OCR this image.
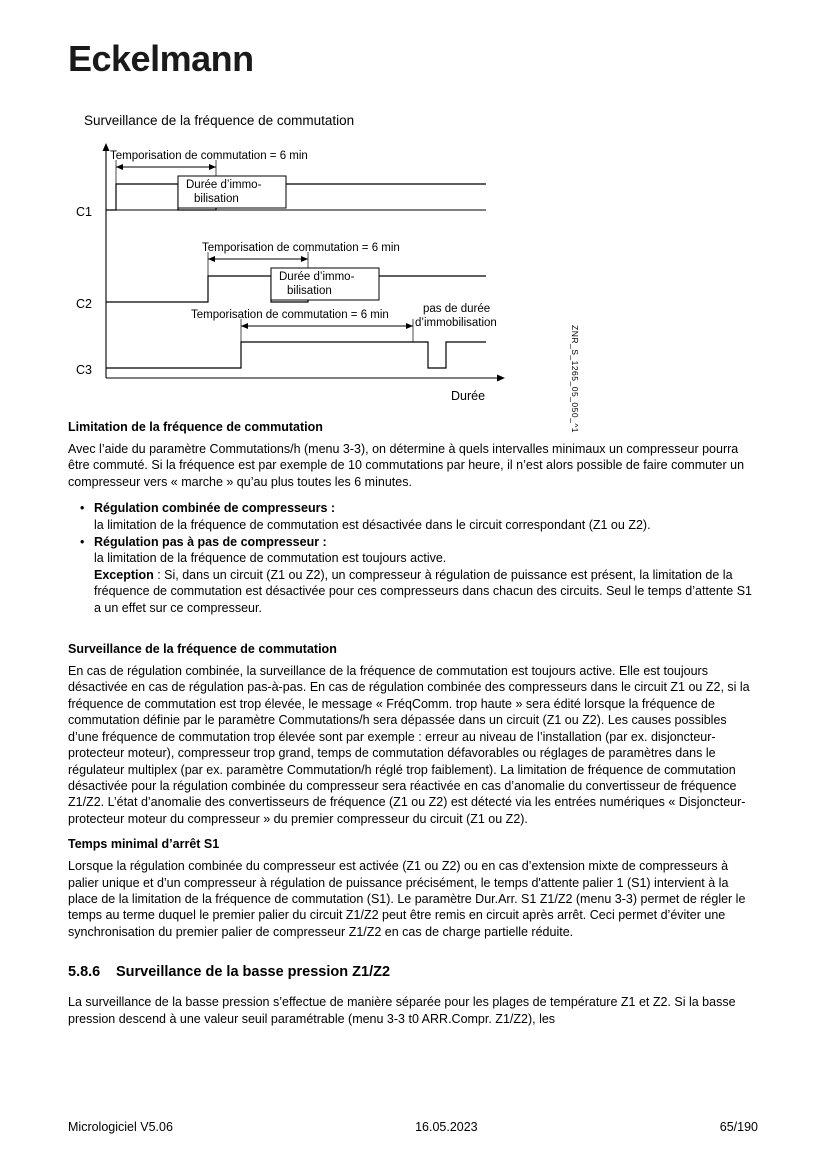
Eckelmann
Surveillance de la fréquence de commutation
Durée d’immo-
bilisation
C1
Temporisation de commutation = 6 min
Durée d’immo-
bilisation
C2
Temporisation de commutation = 6 min
C3
Temporisation de commutation = 6 min	pas de durée
d’immobilisation
Durée	ZNR_S_1265_05_050_^1
Limitation de la fréquence de commutation

Avec l’aide du paramètre Commutations/h (menu 3-3), on détermine à quels intervalles minimaux un compresseur pourra être commuté. Si la fréquence est par exemple de 10 commutations par heure, il n’est alors possible de faire commuter un compresseur vers « marche » qu’au plus toutes les 6 minutes.

• Régulation combinée de compresseurs :
la limitation de la fréquence de commutation est désactivée dans le circuit correspondant (Z1 ou Z2).
• Régulation pas à pas de compresseur :
la limitation de la fréquence de commutation est toujours active.
Exception : Si, dans un circuit (Z1 ou Z2), un compresseur à régulation de puissance est présent, la limitation de la fréquence de commutation est désactivée pour ces compresseurs dans chacun des circuits. Seul le temps d’attente S1 a un effet sur ce compresseur.
Surveillance de la fréquence de commutation

En cas de régulation combinée, la surveillance de la fréquence de commutation est toujours active. Elle est toujours désactivée en cas de régulation pas-à-pas. En cas de régulation combinée des compresseurs dans le circuit Z1 ou Z2, si la fréquence de commutation est trop élevée, le message « FréqComm. trop haute » sera édité lorsque la fréquence de commutation définie par le paramètre Commutations/h sera dépassée dans un circuit (Z1 ou Z2). Les causes possibles d’une fréquence de commutation trop élevée sont par exemple : erreur au niveau de l’installation (par ex. disjoncteur-protecteur moteur), compresseur trop grand, temps de commutation défavorables ou réglages de paramètres dans le régulateur multiplex (par ex. paramètre Commutation/h réglé trop faiblement). La limitation de fréquence de commutation désactivée pour la régulation combinée du compresseur sera réactivée en cas d’anomalie du convertisseur de fréquence Z1/Z2. L’état d’anomalie des convertisseurs de fréquence (Z1 ou Z2) est détecté via les entrées numériques « Disjoncteur-protecteur moteur du compresseur » du premier compresseur du circuit (Z1 ou Z2).

Temps minimal d’arrêt S1

Lorsque la régulation combinée du compresseur est activée (Z1 ou Z2) ou en cas d’extension mixte de compresseurs à palier unique et d’un compresseur à régulation de puissance précisément, le temps d'attente palier 1 (S1) intervient à la place de la limitation de la fréquence de commutation (S1). Le paramètre Dur.Arr. S1 Z1/Z2 (menu 3-3) permet de régler le temps au terme duquel le premier palier du circuit Z1/Z2 peut être remis en circuit après arrêt. Ceci permet d’éviter une synchronisation du premier palier de compresseur Z1/Z2 en cas de charge partielle réduite.

5.8.6 Surveillance de la basse pression Z1/Z2

La surveillance de la basse pression s’effectue de manière séparée pour les plages de température Z1 et Z2. Si la basse pression descend à une valeur seuil paramétrable (menu 3-3 t0 ARR.Compr. Z1/Z2), les

Micrologiciel V5.06	16.05.2023	65/190
